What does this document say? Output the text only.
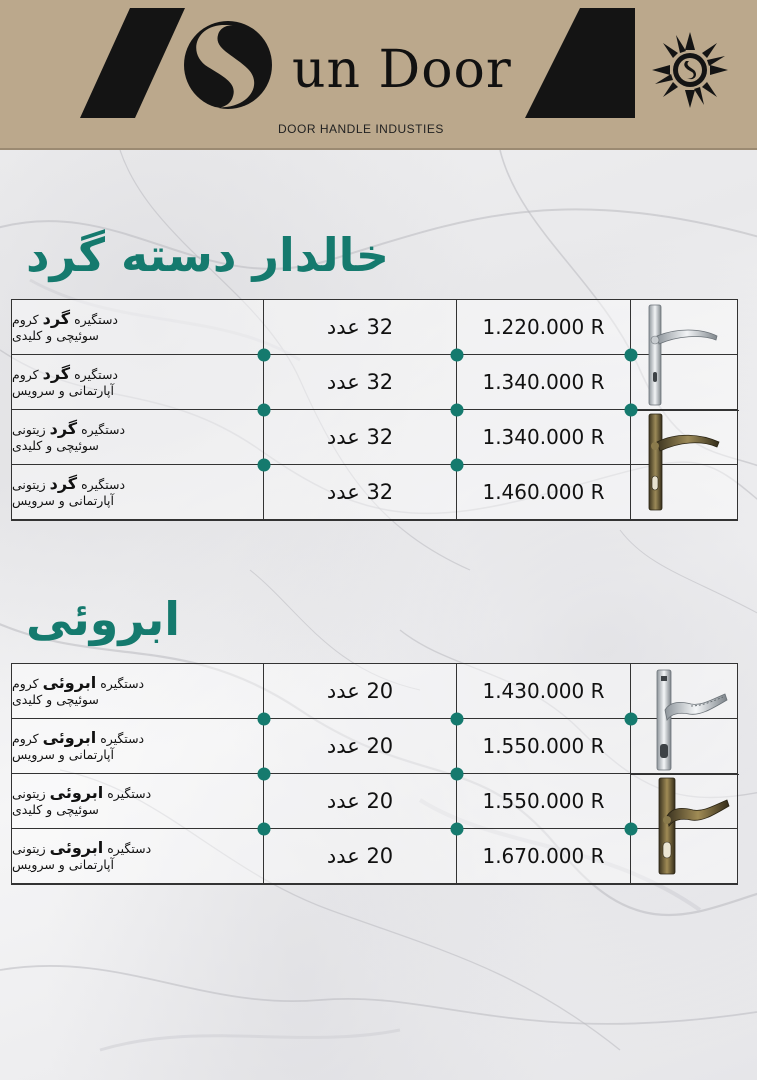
un Door
DOOR HANDLE INDUSTIES
خالدار دسته گرد
دستگیره گرد کروم
سوئیچی و کلیدی	32 عدد	1.220.000 R
دستگیره گرد کروم
آپارتمانی و سرویس	32 عدد	1.340.000 R
دستگیره گرد زیتونی
سوئیچی و کلیدی	32 عدد	1.340.000 R
دستگیره گرد زیتونی
آپارتمانی و سرویس	32 عدد	1.460.000 R
ابروئی
دستگیره ابروئی کروم
سوئیچی و کلیدی	20 عدد	1.430.000 R
دستگیره ابروئی کروم
آپارتمانی و سرویس	20 عدد	1.550.000 R
دستگیره ابروئی زیتونی
سوئیچی و کلیدی	20 عدد	1.550.000 R
دستگیره ابروئی زیتونی
آپارتمانی و سرویس	20 عدد	1.670.000 R
